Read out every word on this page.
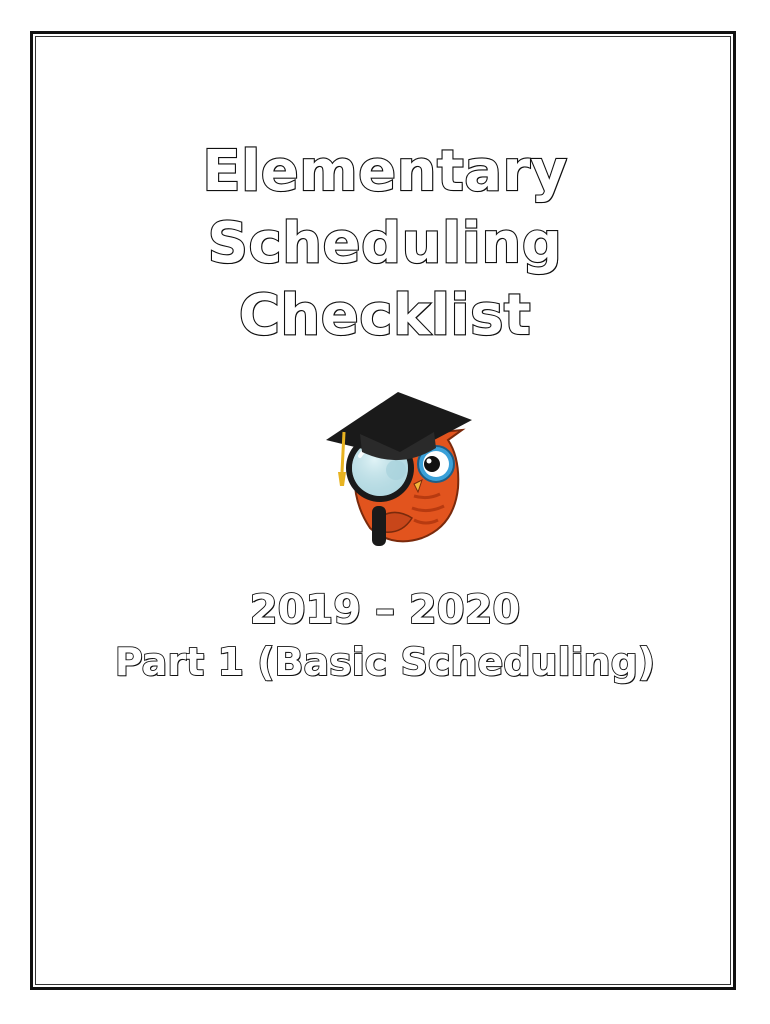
Elementary
Scheduling
Checklist
2019 – 2020
Part 1 (Basic Scheduling)
